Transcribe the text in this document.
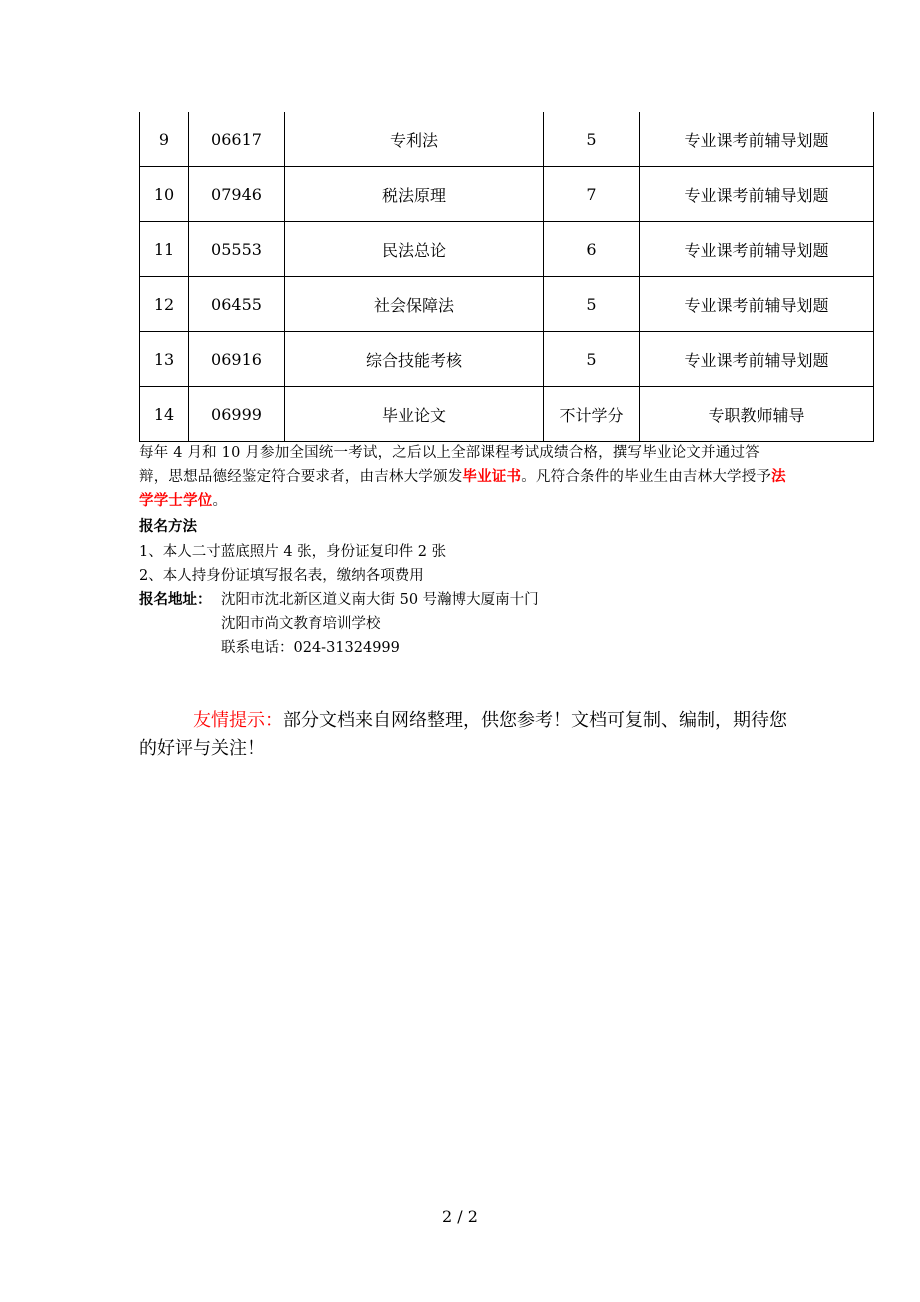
9	06617	专利法	5	专业课考前辅导划题
10	07946	税法原理	7	专业课考前辅导划题
11	05553	民法总论	6	专业课考前辅导划题
12	06455	社会保障法	5	专业课考前辅导划题
13	06916	综合技能考核	5	专业课考前辅导划题
14	06999	毕业论文	不计学分	专职教师辅导
每年 4 月和 10 月参加全国统一考试，之后以上全部课程考试成绩合格，撰写毕业论文并通过答辩，思想品德经鉴定符合要求者，由吉林大学颁发毕业证书。凡符合条件的毕业生由吉林大学授予法学学士学位。
报名方法
1、本人二寸蓝底照片 4 张，身份证复印件 2 张
2、本人持身份证填写报名表，缴纳各项费用
报名地址： 沈阳市沈北新区道义南大街 50 号瀚博大厦南十门
沈阳市尚文教育培训学校
联系电话：024-31324999
友情提示：部分文档来自网络整理，供您参考！文档可复制、编制，期待您的好评与关注！
2 / 2
